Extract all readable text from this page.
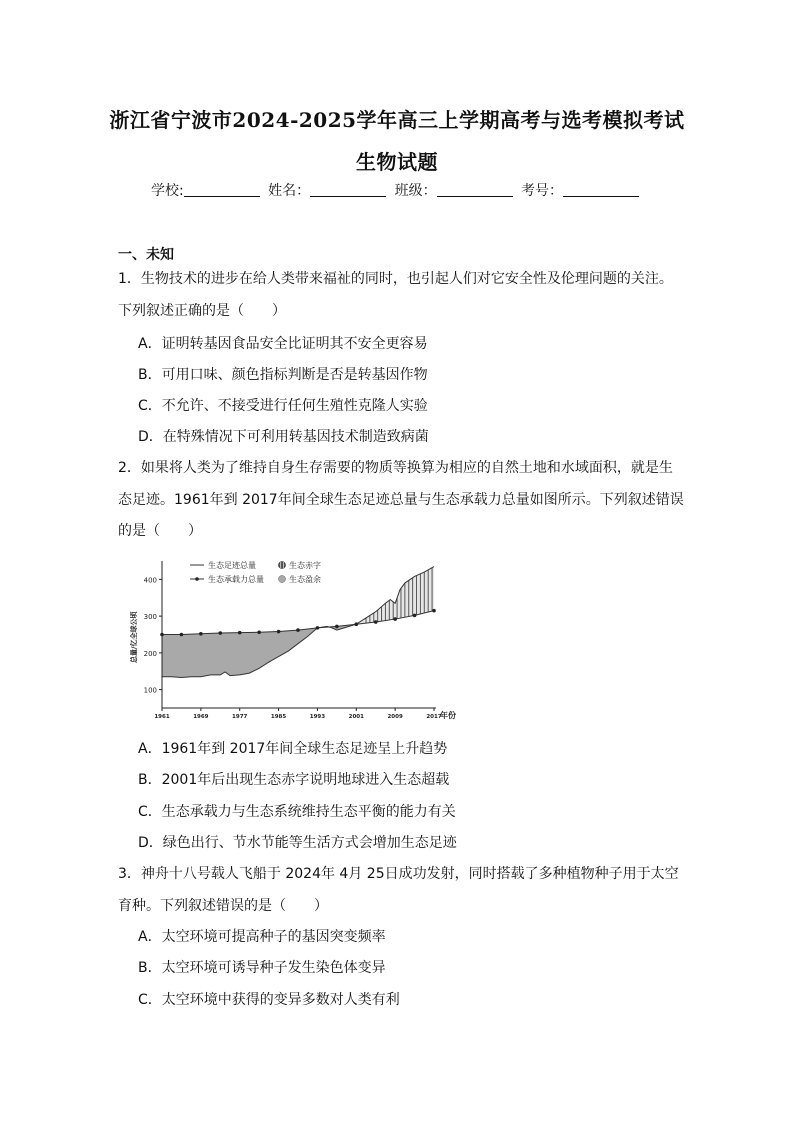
浙江省宁波市2024-2025学年高三上学期高考与选考模拟考试
生物试题
学校:	姓名：	班级：	考号：
一、未知
1．生物技术的进步在给人类带来福祉的同时，也引起人们对它安全性及伦理问题的关注。
下列叙述正确的是（　　）
A．证明转基因食品安全比证明其不安全更容易
B．可用口味、颜色指标判断是否是转基因作物
C．不允许、不接受进行任何生殖性克隆人实验
D．在特殊情况下可利用转基因技术制造致病菌
2．如果将人类为了维持自身生存需要的物质等换算为相应的自然土地和水域面积，就是生
态足迹。1961年到 2017年间全球生态足迹总量与生态承载力总量如图所示。下列叙述错误
的是（　　）
100
200
300
400
1961	1969	1977	1985	1993	2001	2009	2017
生态足迹总量
生态承载力总量
生态赤字
生态盈余
总量/亿全球公顷
年份
A．1961年到 2017年间全球生态足迹呈上升趋势
B．2001年后出现生态赤字说明地球进入生态超载
C．生态承载力与生态系统维持生态平衡的能力有关
D．绿色出行、节水节能等生活方式会增加生态足迹
3．神舟十八号载人飞船于 2024年 4月 25日成功发射，同时搭载了多种植物种子用于太空
育种。下列叙述错误的是（　　）
A．太空环境可提高种子的基因突变频率
B．太空环境可诱导种子发生染色体变异
C．太空环境中获得的变异多数对人类有利
